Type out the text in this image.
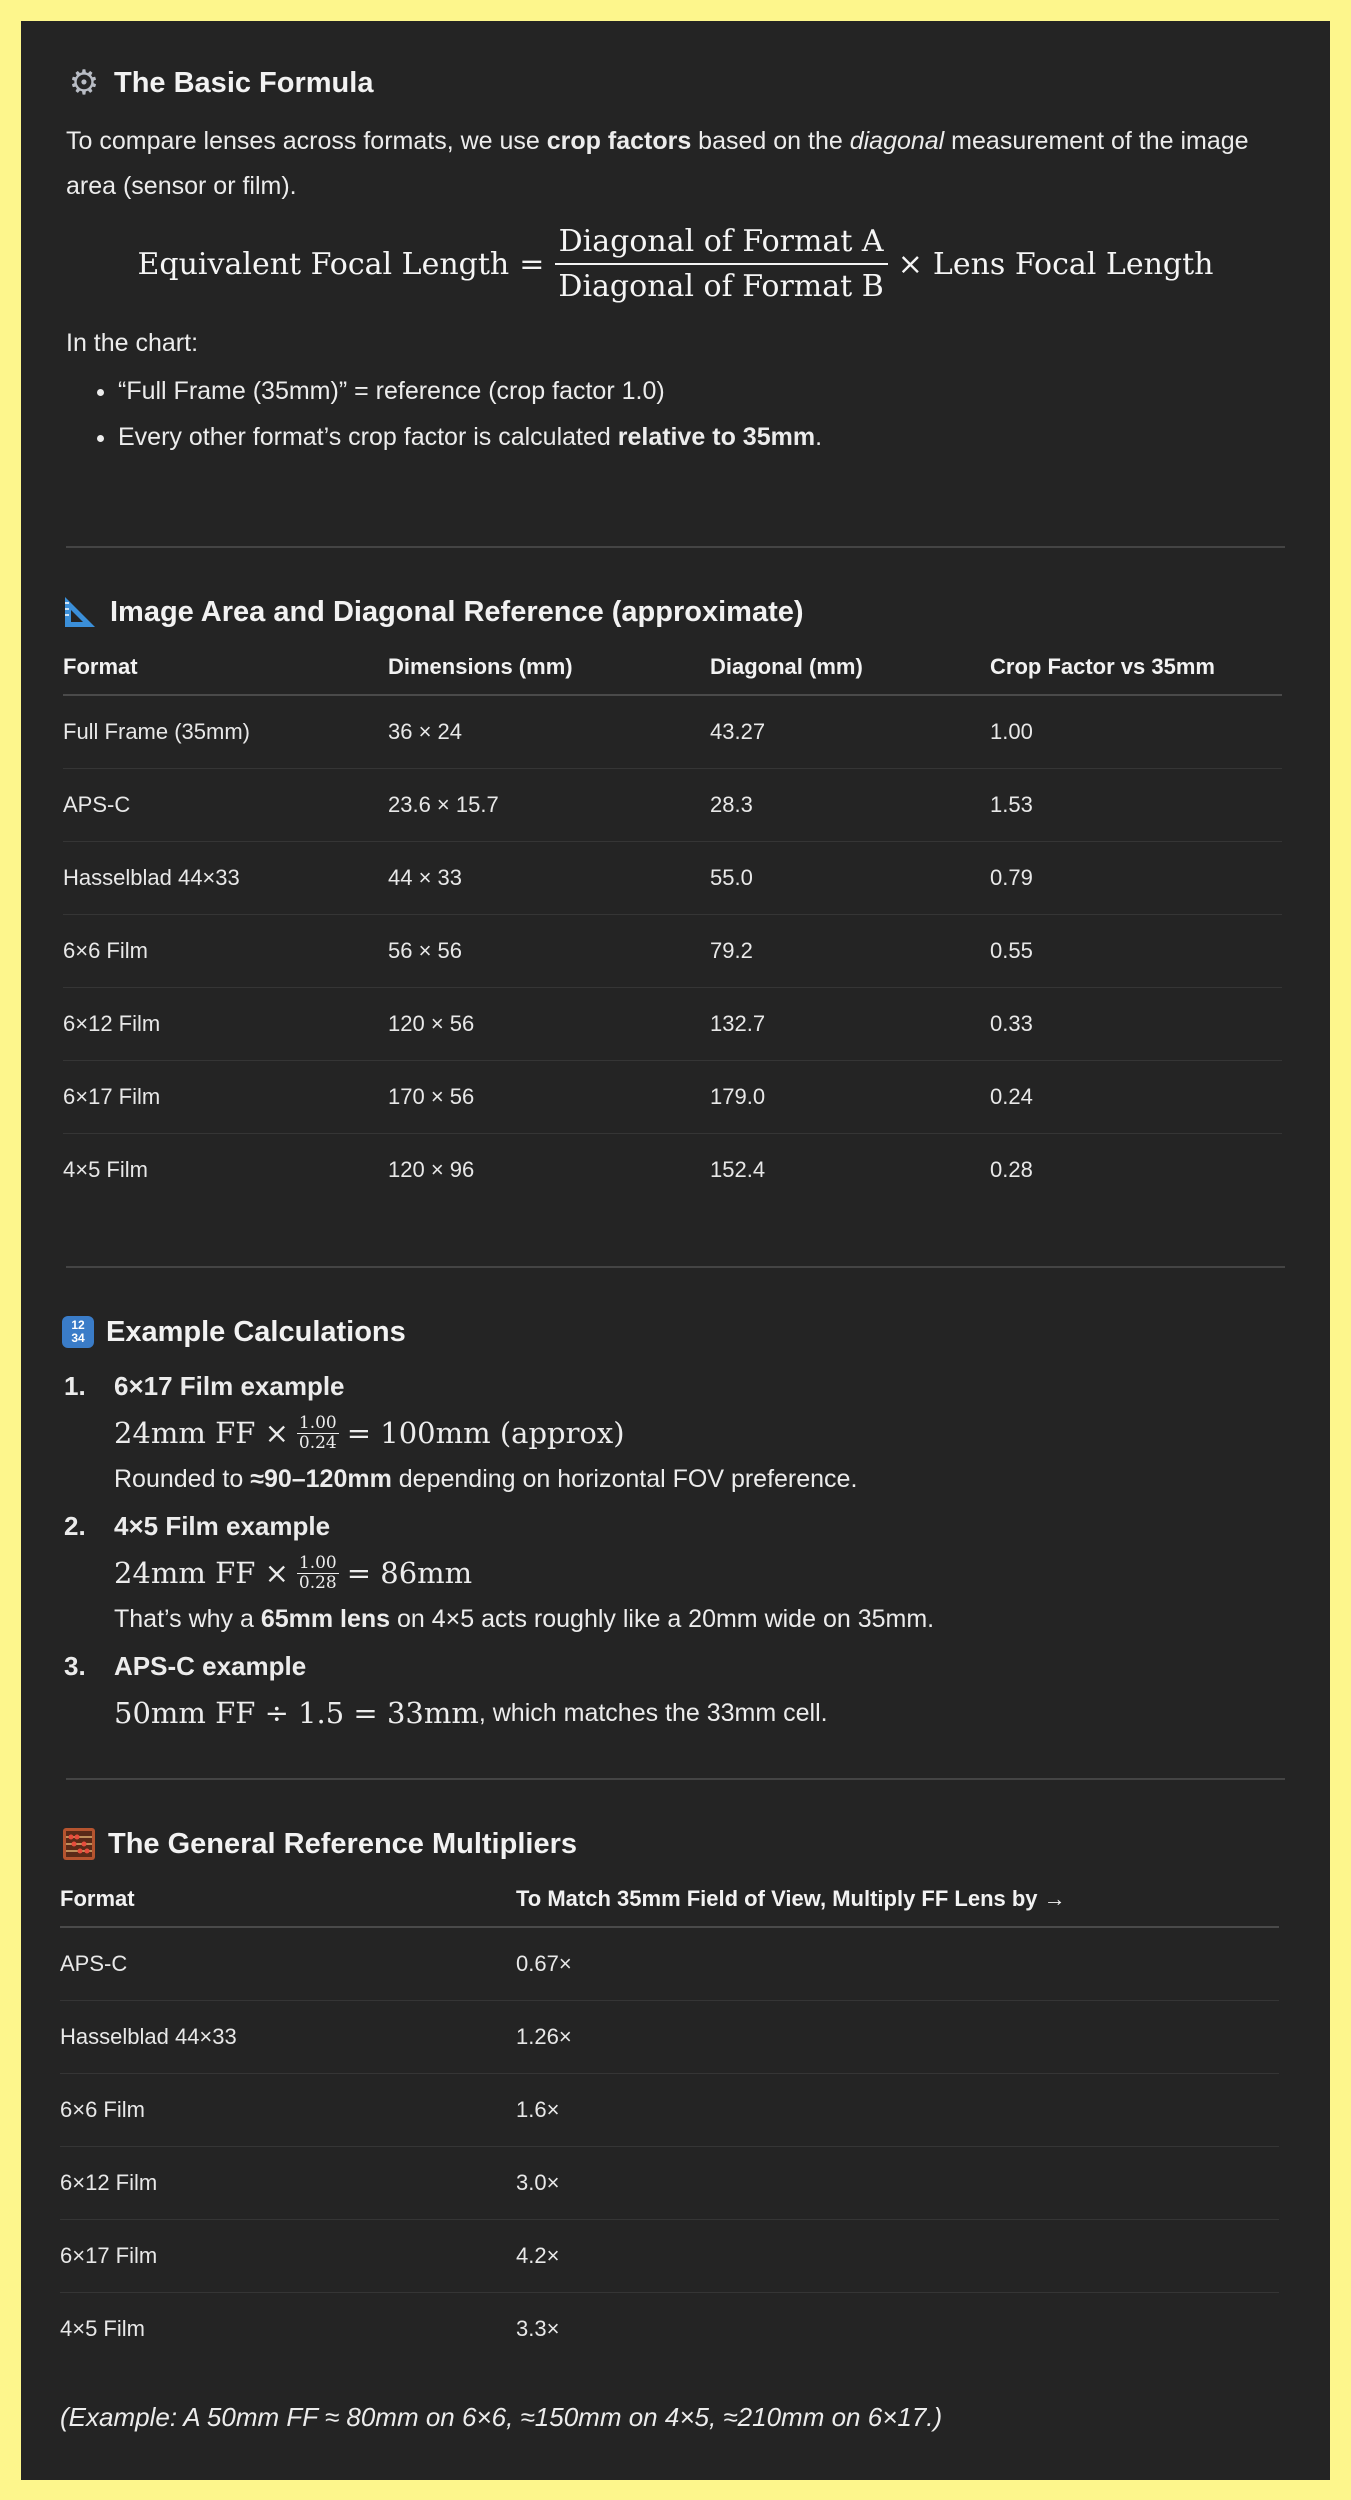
⚙ The Basic Formula

To compare lenses across formats, we use crop factors based on the diagonal measurement of the image area (sensor or film).

Equivalent Focal Length = $\frac{\text{Diagonal of Format A}}{\text{Diagonal of Format B}}$ × Lens Focal Length

In the chart:

• “Full Frame (35mm)” = reference (crop factor 1.0)
• Every other format’s crop factor is calculated relative to 35mm.
Image Area and Diagonal Reference (approximate)
Format	Dimensions (mm)	Diagonal (mm)	Crop Factor vs 35mm
Full Frame (35mm)	36 × 24	43.27	1.00
APS-C	23.6 × 15.7	28.3	1.53
Hasselblad 44×33	44 × 33	55.0	0.79
6×6 Film	56 × 56	79.2	0.55
6×12 Film	120 × 56	132.7	0.33
6×17 Film	170 × 56	179.0	0.24
4×5 Film	120 × 96	152.4	0.28
12
34 Example Calculations
1. 6×17 Film example
24mm FF × $\frac{1.00}{0.24} = 100mm$ (approx)
Rounded to ≈90–120mm depending on horizontal FOV preference.
2. 4×5 Film example
24mm FF × $\frac{1.00}{0.28} = 86mm$
That’s why a 65mm lens on 4×5 acts roughly like a 20mm wide on 35mm.
3. APS-C example
50mm FF ÷ 1.5 = 33mm , which matches the 33mm cell.
The General Reference Multipliers
Format	To Match 35mm Field of View, Multiply FF Lens by →
APS-C	0.67×
Hasselblad 44×33	1.26×
6×6 Film	1.6×
6×12 Film	3.0×
6×17 Film	4.2×
4×5 Film	3.3×
(Example: A 50mm FF ≈ 80mm on 6×6, ≈150mm on 4×5, ≈210mm on 6×17.)
